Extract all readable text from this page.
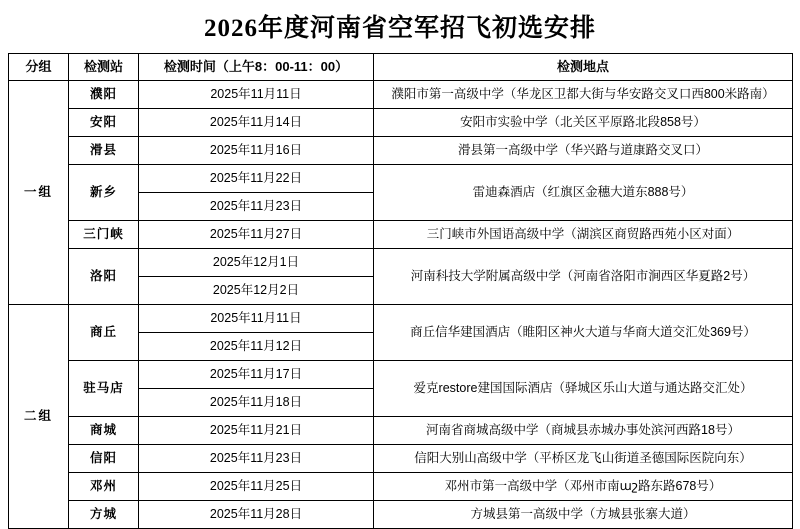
2026年度河南省空军招飞初选安排
分组	检测站	检测时间（上午8：00-11：00）	检测地点
一组	濮阳	2025年11月11日	濮阳市第一高级中学（华龙区卫都大街与华安路交叉口西800米路南）
	安阳	2025年11月14日	安阳市实验中学（北关区平原路北段858号）
	滑县	2025年11月16日	滑县第一高级中学（华兴路与道康路交叉口）
	新乡	2025年11月22日	雷迪森酒店（红旗区金穗大道东888号）
		2025年11月23日	
	三门峡	2025年11月27日	三门峡市外国语高级中学（湖滨区商贸路西苑小区对面）
	洛阳	2025年12月1日	河南科技大学附属高级中学（河南省洛阳市涧西区华夏路2号）
		2025年12月2日	
二组	商丘	2025年11月11日	商丘信华建国酒店（睢阳区神火大道与华商大道交汇处369号）
		2025年11月12日	
	驻马店	2025年11月17日	爱克restore建国国际酒店（驿城区乐山大道与通达路交汇处）
		2025年11月18日	
	商城	2025年11月21日	河南省商城高级中学（商城县赤城办事处滨河西路18号）
	信阳	2025年11月23日	信阳大别山高级中学（平桥区龙飞山街道圣德国际医院向东）
	邓州	2025年11月25日	邓州市第一高级中学（邓州市南աշ路东路678号）
	方城	2025年11月28日	方城县第一高级中学（方城县张寨大道）
